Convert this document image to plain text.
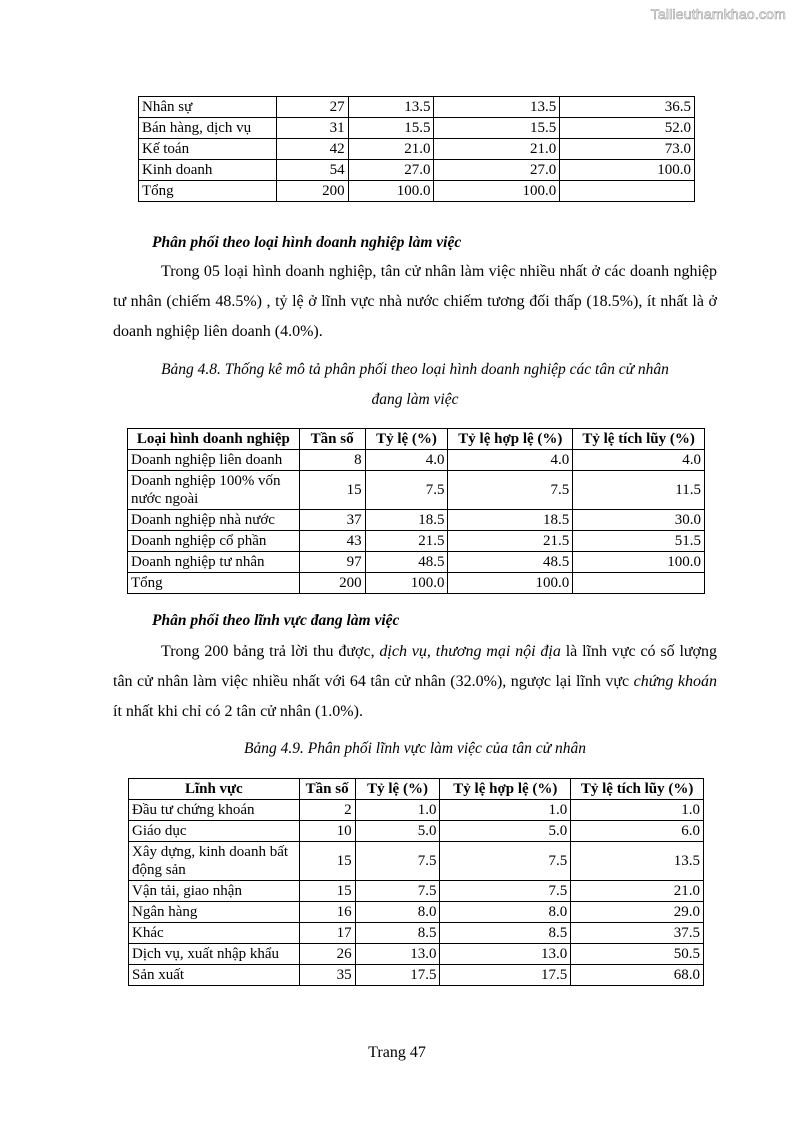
Tailieuthamkhao.com
Nhân sự	27	13.5	13.5	36.5
Bán hàng, dịch vụ	31	15.5	15.5	52.0
Kế toán	42	21.0	21.0	73.0
Kinh doanh	54	27.0	27.0	100.0
Tổng	200	100.0	100.0	
Phân phối theo loại hình doanh nghiệp làm việc

Trong 05 loại hình doanh nghiệp, tân cử nhân làm việc nhiều nhất ở các doanh nghiệp tư nhân (chiếm 48.5%) , tỷ lệ ở lĩnh vực nhà nước chiếm tương đối thấp (18.5%), ít nhất là ở doanh nghiệp liên doanh (4.0%).

Bảng 4.8. Thống kê mô tả phân phối theo loại hình doanh nghiệp các tân cử nhân
đang làm việc
Loại hình doanh nghiệp	Tần số	Tỷ lệ (%)	Tỷ lệ hợp lệ (%)	Tỷ lệ tích lũy (%)
Doanh nghiệp liên doanh	8	4.0	4.0	4.0
Doanh nghiệp 100% vốn nước ngoài	15	7.5	7.5	11.5
Doanh nghiệp nhà nước	37	18.5	18.5	30.0
Doanh nghiệp cổ phần	43	21.5	21.5	51.5
Doanh nghiệp tư nhân	97	48.5	48.5	100.0
Tổng	200	100.0	100.0	
Phân phối theo lĩnh vực đang làm việc

Trong 200 bảng trả lời thu được, dịch vụ, thương mại nội địa là lĩnh vực có số lượng tân cử nhân làm việc nhiều nhất với 64 tân cử nhân (32.0%), ngược lại lĩnh vực chứng khoán ít nhất khi chỉ có 2 tân cử nhân (1.0%).

Bảng 4.9. Phân phối lĩnh vực làm việc của tân cử nhân
Lĩnh vực	Tần số	Tỷ lệ (%)	Tỷ lệ hợp lệ (%)	Tỷ lệ tích lũy (%)
Đầu tư chứng khoán	2	1.0	1.0	1.0
Giáo dục	10	5.0	5.0	6.0
Xây dựng, kinh doanh bất động sản	15	7.5	7.5	13.5
Vận tải, giao nhận	15	7.5	7.5	21.0
Ngân hàng	16	8.0	8.0	29.0
Khác	17	8.5	8.5	37.5
Dịch vụ, xuất nhập khẩu	26	13.0	13.0	50.5
Sản xuất	35	17.5	17.5	68.0
Trang 47
